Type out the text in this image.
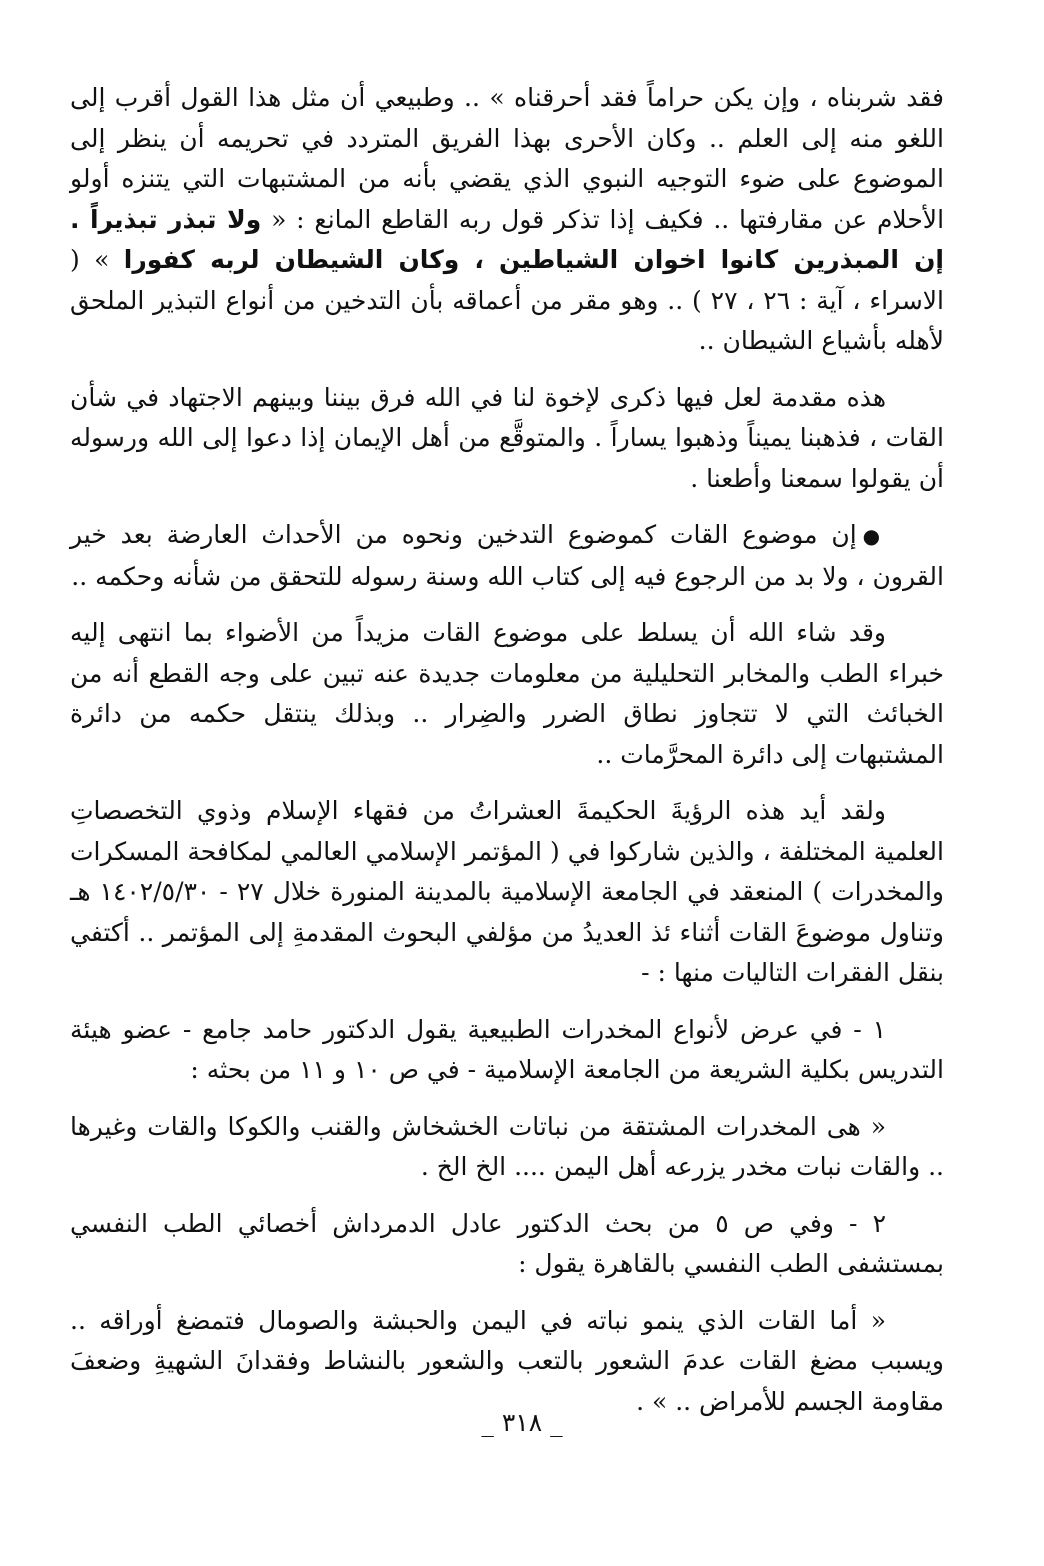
فقد شربناه ، وإن يكن حراماً فقد أحرقناه » .. وطبيعي أن مثل هذا القول أقرب إلى اللغو منه إلى العلم .. وكان الأحرى بهذا الفريق المتردد في تحريمه أن ينظر إلى الموضوع على ضوء التوجيه النبوي الذي يقضي بأنه من المشتبهات التي يتنزه أولو الأحلام عن مقارفتها .. فكيف إذا تذكر قول ربه القاطع المانع : « ولا تبذر تبذيراً . إن المبذرين كانوا اخوان الشياطين ، وكان الشيطان لربه كفورا » ( الاسراء ، آية : ٢٦ ، ٢٧ ) .. وهو مقر من أعماقه بأن التدخين من أنواع التبذير الملحق لأهله بأشياع الشيطان ..

هذه مقدمة لعل فيها ذكرى لإخوة لنا في الله فرق بيننا وبينهم الاجتهاد في شأن القات ، فذهبنا يميناً وذهبوا يساراً . والمتوقَّع من أهل الإيمان إذا دعوا إلى الله ورسوله أن يقولوا سمعنا وأطعنا .

●إن موضوع القات كموضوع التدخين ونحوه من الأحداث العارضة بعد خير القرون ، ولا بد من الرجوع فيه إلى كتاب الله وسنة رسوله للتحقق من شأنه وحكمه ..

وقد شاء الله أن يسلط على موضوع القات مزيداً من الأضواء بما انتهى إليه خبراء الطب والمخابر التحليلية من معلومات جديدة عنه تبين على وجه القطع أنه من الخبائث التي لا تتجاوز نطاق الضرر والضِرار .. وبذلك ينتقل حكمه من دائرة المشتبهات إلى دائرة المحرَّمات ..

ولقد أيد هذه الرؤيةَ الحكيمةَ العشراتُ من فقهاء الإسلام وذوي التخصصاتِ العلمية المختلفة ، والذين شاركوا في ( المؤتمر الإسلامي العالمي لمكافحة المسكرات والمخدرات ) المنعقد في الجامعة الإسلامية بالمدينة المنورة خلال ٢٧ - ١٤٠٢/٥/٣٠ هـ وتناول موضوعَ القات أثناء ئذ العديدُ من مؤلفي البحوث المقدمةِ إلى المؤتمر .. أكتفي بنقل الفقرات التاليات منها : -

١ - في عرض لأنواع المخدرات الطبيعية يقول الدكتور حامد جامع - عضو هيئة التدريس بكلية الشريعة من الجامعة الإسلامية - في ص ١٠ و ١١ من بحثه :

« هى المخدرات المشتقة من نباتات الخشخاش والقنب والكوكا والقات وغيرها .. والقات نبات مخدر يزرعه أهل اليمن .... الخ الخ .

٢ - وفي ص ٥ من بحث الدكتور عادل الدمرداش أخصائي الطب النفسي بمستشفى الطب النفسي بالقاهرة يقول :

« أما القات الذي ينمو نباته في اليمن والحبشة والصومال فتمضغ أوراقه .. ويسبب مضغ القات عدمَ الشعور بالتعب والشعور بالنشاط وفقدانَ الشهيةِ وضعفَ مقاومة الجسم للأمراض .. » .

_ ٣١٨ _
